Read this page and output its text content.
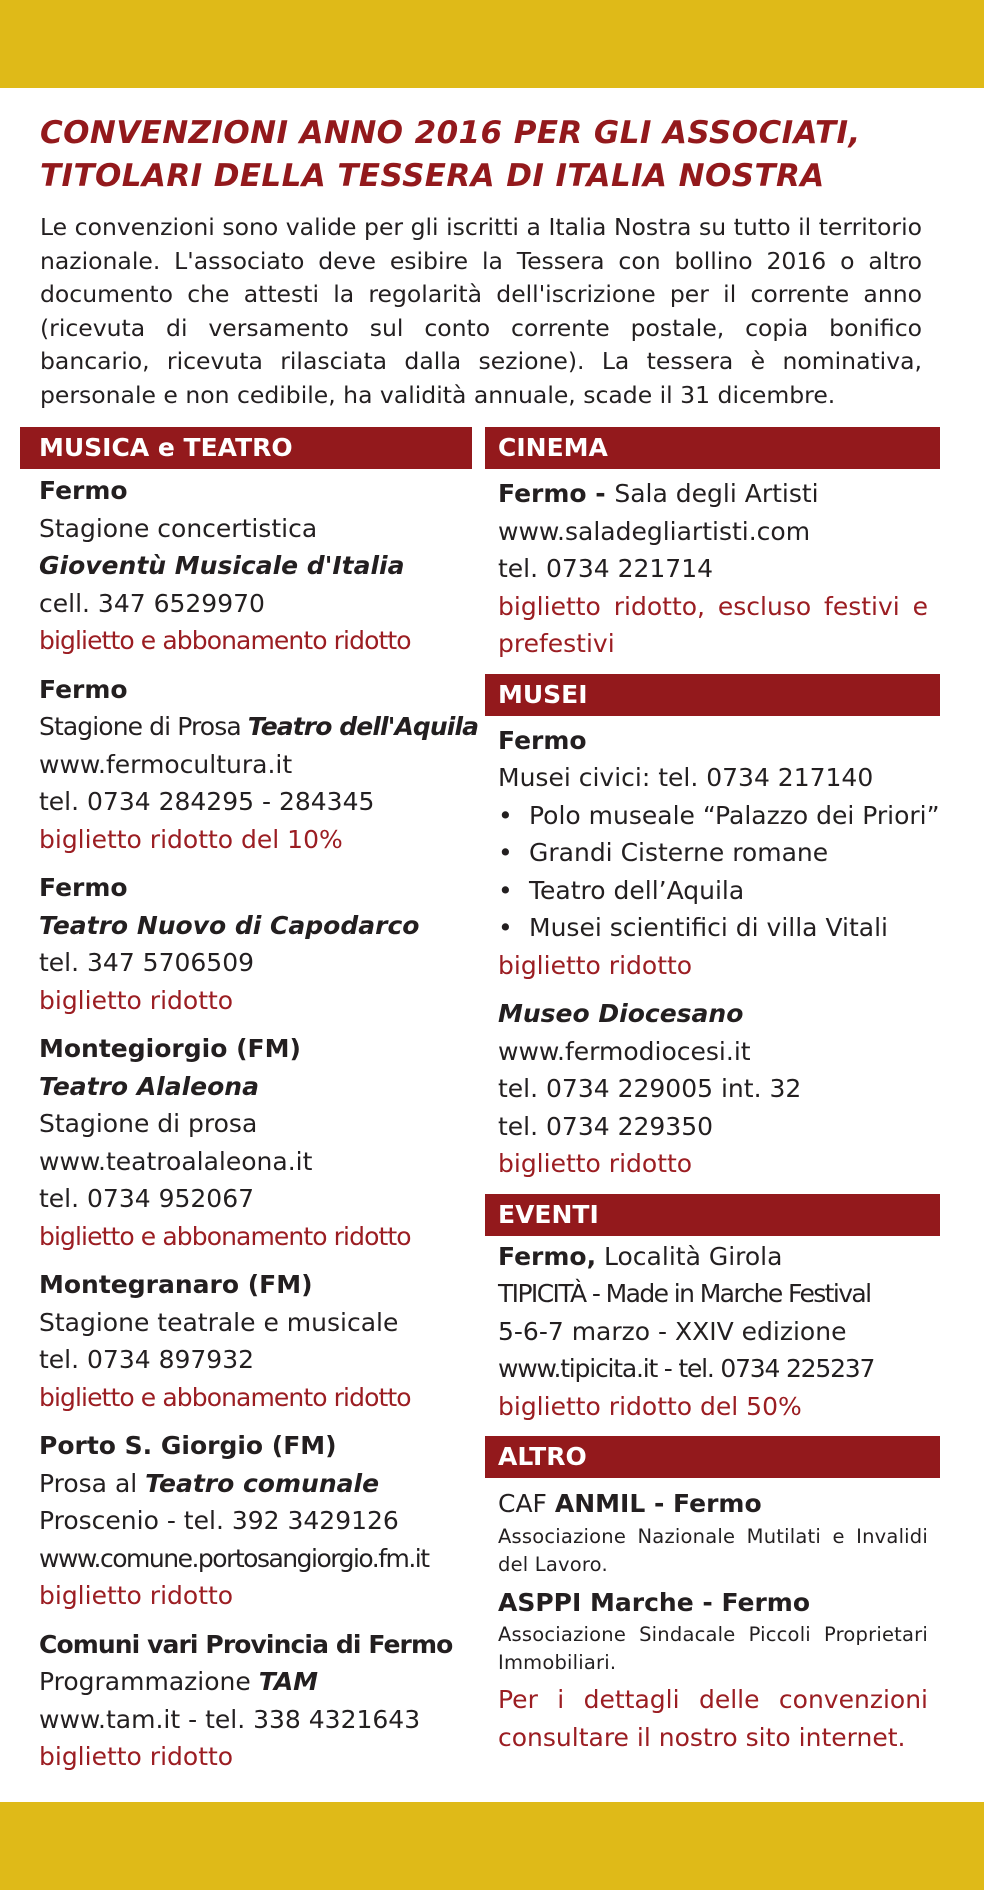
CONVENZIONI ANNO 2016 PER GLI ASSOCIATI,
TITOLARI DELLA TESSERA DI ITALIA NOSTRA

Le convenzioni sono valide per gli iscritti a Italia Nostra su tutto il territorio nazionale. L'associato deve esibire la Tessera con bollino 2016 o altro documento che attesti la regolarità dell'iscrizione per il corrente anno (ricevuta di versamento sul conto corrente postale, copia bonifico bancario, ricevuta rilasciata dalla sezione). La tessera è nominativa, personale e non cedibile, ha validità annuale, scade il 31 dicembre.

MUSICA e TEATRO
Fermo
Stagione concertistica
Gioventù Musicale d'Italia
cell. 347 6529970
biglietto e abbonamento ridotto
Fermo
Stagione di Prosa Teatro dell'Aquila
www.fermocultura.it
tel. 0734 284295 - 284345
biglietto ridotto del 10%
Fermo
Teatro Nuovo di Capodarco
tel. 347 5706509
biglietto ridotto
Montegiorgio (FM)
Teatro Alaleona
Stagione di prosa
www.teatroalaleona.it
tel. 0734 952067
biglietto e abbonamento ridotto
Montegranaro (FM)
Stagione teatrale e musicale
tel. 0734 897932
biglietto e abbonamento ridotto
Porto S. Giorgio (FM)
Prosa al Teatro comunale
Proscenio - tel. 392 3429126
www.comune.portosangiorgio.fm.it
biglietto ridotto
Comuni vari Provincia di Fermo
Programmazione TAM
www.tam.it - tel. 338 4321643
biglietto ridotto
CINEMA
Fermo - Sala degli Artisti
www.saladegliartisti.com
tel. 0734 221714
biglietto ridotto, escluso festivi e prefestivi
MUSEI
Fermo
Musei civici: tel. 0734 217140
• Polo museale “Palazzo dei Priori”
• Grandi Cisterne romane
• Teatro dell’Aquila
• Musei scientifici di villa Vitali
biglietto ridotto
Museo Diocesano
www.fermodiocesi.it
tel. 0734 229005 int. 32
tel. 0734 229350
biglietto ridotto
EVENTI
Fermo, Località Girola
TIPICITÀ - Made in Marche Festival
5-6-7 marzo - XXIV edizione
www.tipicita.it - tel. 0734 225237
biglietto ridotto del 50%
ALTRO
CAF ANMIL - Fermo
Associazione Nazionale Mutilati e Invalidi del Lavoro.
ASPPI Marche - Fermo
Associazione Sindacale Piccoli Proprietari Immobiliari.
Per i dettagli delle convenzioni consultare il nostro sito internet.
